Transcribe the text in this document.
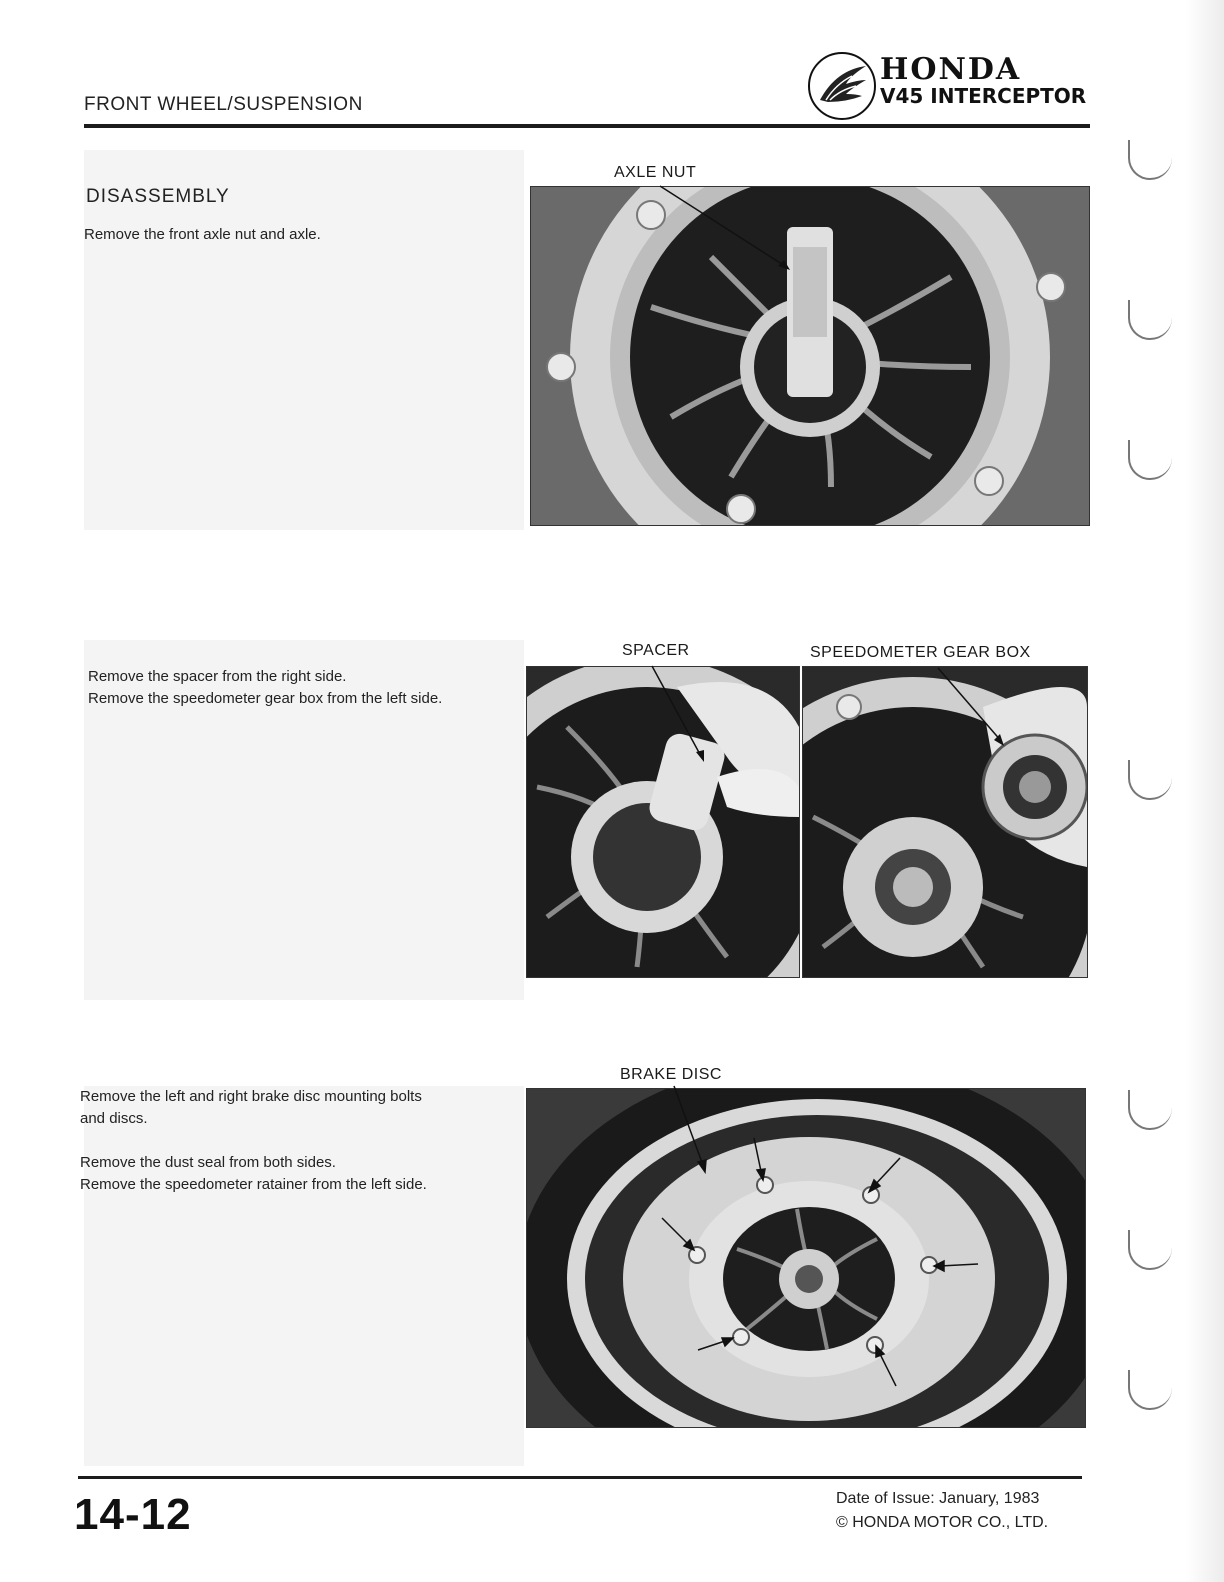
FRONT WHEEL/SUSPENSION
HONDA
V45 INTERCEPTOR
DISASSEMBLY
Remove the front axle nut and axle.
AXLE NUT
Remove the spacer from the right side.
Remove the speedometer gear box from the left side.
SPACER	SPEEDOMETER GEAR BOX
Remove the left and right brake disc mounting bolts
and discs.
Remove the dust seal from both sides.
Remove the speedometer ratainer from the left side.
BRAKE DISC
14-12	Date of Issue: January, 1983
© HONDA MOTOR CO., LTD.
